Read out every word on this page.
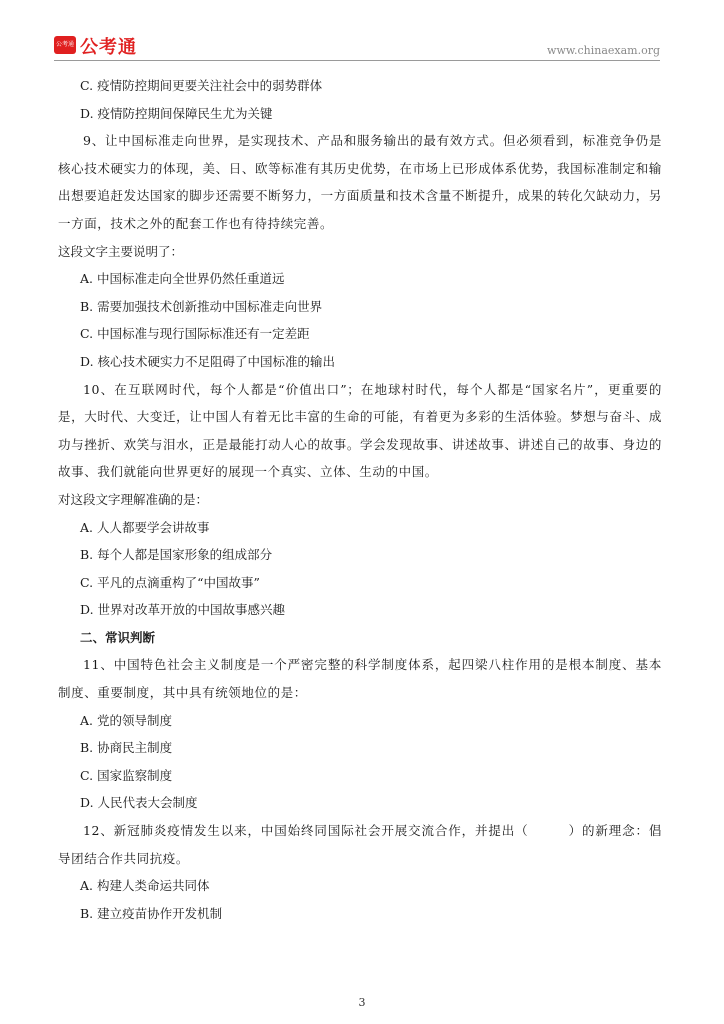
公考通 公考通	www.chinaexam.org
C. 疫情防控期间更要关注社会中的弱势群体
D. 疫情防控期间保障民生尤为关键
9、让中国标准走向世界，是实现技术、产品和服务输出的最有效方式。但必须看到，标准竞争仍是核心技术硬实力的体现，美、日、欧等标准有其历史优势，在市场上已形成体系优势，我国标准制定和输出想要追赶发达国家的脚步还需要不断努力，一方面质量和技术含量不断提升，成果的转化欠缺动力，另一方面，技术之外的配套工作也有待持续完善。
这段文字主要说明了：
A. 中国标准走向全世界仍然任重道远
B. 需要加强技术创新推动中国标准走向世界
C. 中国标准与现行国际标准还有一定差距
D. 核心技术硬实力不足阻碍了中国标准的输出
10、在互联网时代，每个人都是“价值出口”；在地球村时代，每个人都是“国家名片”，更重要的是，大时代、大变迁，让中国人有着无比丰富的生命的可能，有着更为多彩的生活体验。梦想与奋斗、成功与挫折、欢笑与泪水，正是最能打动人心的故事。学会发现故事、讲述故事、讲述自己的故事、身边的故事、我们就能向世界更好的展现一个真实、立体、生动的中国。
对这段文字理解准确的是：
A. 人人都要学会讲故事
B. 每个人都是国家形象的组成部分
C. 平凡的点滴重构了“中国故事”
D. 世界对改革开放的中国故事感兴趣
二、常识判断
11、中国特色社会主义制度是一个严密完整的科学制度体系，起四梁八柱作用的是根本制度、基本制度、重要制度，其中具有统领地位的是：
A. 党的领导制度
B. 协商民主制度
C. 国家监察制度
D. 人民代表大会制度
12、新冠肺炎疫情发生以来，中国始终同国际社会开展交流合作，并提出（　　　）的新理念：倡导团结合作共同抗疫。
A. 构建人类命运共同体
B. 建立疫苗协作开发机制
3
